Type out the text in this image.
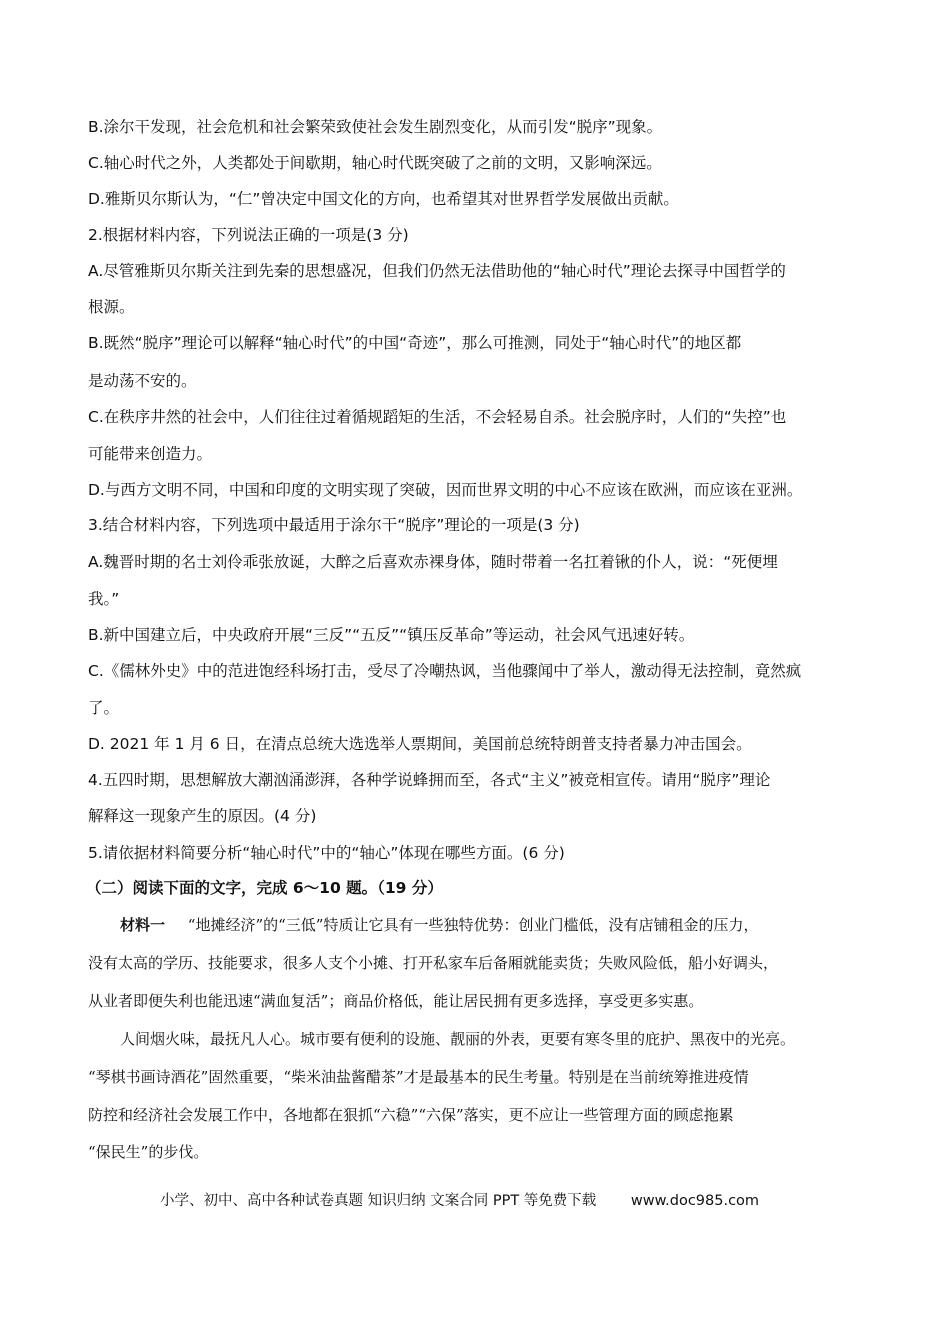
B.涂尔干发现，社会危机和社会繁荣致使社会发生剧烈变化，从而引发“脱序”现象。
C.轴心时代之外，人类都处于间歇期，轴心时代既突破了之前的文明，又影响深远。
D.雅斯贝尔斯认为，“仁”曾决定中国文化的方向，也希望其对世界哲学发展做出贡献。
2.根据材料内容，下列说法正确的一项是(3 分)
A.尽管雅斯贝尔斯关注到先秦的思想盛况，但我们仍然无法借助他的“轴心时代”理论去探寻中国哲学的
根源。
B.既然“脱序”理论可以解释“轴心时代”的中国“奇迹”，那么可推测，同处于“轴心时代”的地区都
是动荡不安的。
C.在秩序井然的社会中，人们往往过着循规蹈矩的生活，不会轻易自杀。社会脱序时，人们的“失控”也
可能带来创造力。
D.与西方文明不同，中国和印度的文明实现了突破，因而世界文明的中心不应该在欧洲，而应该在亚洲。
3.结合材料内容，下列选项中最适用于涂尔干“脱序”理论的一项是(3 分)
A.魏晋时期的名士刘伶乖张放诞，大醉之后喜欢赤裸身体，随时带着一名扛着锹的仆人，说：“死便埋
我。”
B.新中国建立后，中央政府开展“三反”“五反”“镇压反革命”等运动，社会风气迅速好转。
C.《儒林外史》中的范进饱经科场打击，受尽了冷嘲热讽，当他骤闻中了举人，激动得无法控制，竟然疯
了。
D. 2021 年 1 月 6 日，在清点总统大选选举人票期间，美国前总统特朗普支持者暴力冲击国会。
4.五四时期，思想解放大潮汹涌澎湃，各种学说蜂拥而至，各式“主义”被竞相宣传。请用“脱序”理论
解释这一现象产生的原因。(4 分)
5.请依据材料简要分析“轴心时代”中的“轴心”体现在哪些方面。(6 分)
（二）阅读下面的文字，完成 6～10 题。（19 分）
材料一 “地摊经济”的“三低”特质让它具有一些独特优势：创业门槛低，没有店铺租金的压力，
没有太高的学历、技能要求，很多人支个小摊、打开私家车后备厢就能卖货；失败风险低，船小好调头，
从业者即便失利也能迅速“满血复活”；商品价格低，能让居民拥有更多选择，享受更多实惠。
人间烟火味，最抚凡人心。城市要有便利的设施、靓丽的外表，更要有寒冬里的庇护、黑夜中的光亮。
“琴棋书画诗酒花”固然重要，“柴米油盐酱醋茶”才是最基本的民生考量。特别是在当前统筹推进疫情
防控和经济社会发展工作中，各地都在狠抓“六稳”“六保”落实，更不应让一些管理方面的顾虑拖累
“保民生”的步伐。
小学、初中、高中各种试卷真题 知识归纳 文案合同 PPT 等免费下载 www.doc985.com
